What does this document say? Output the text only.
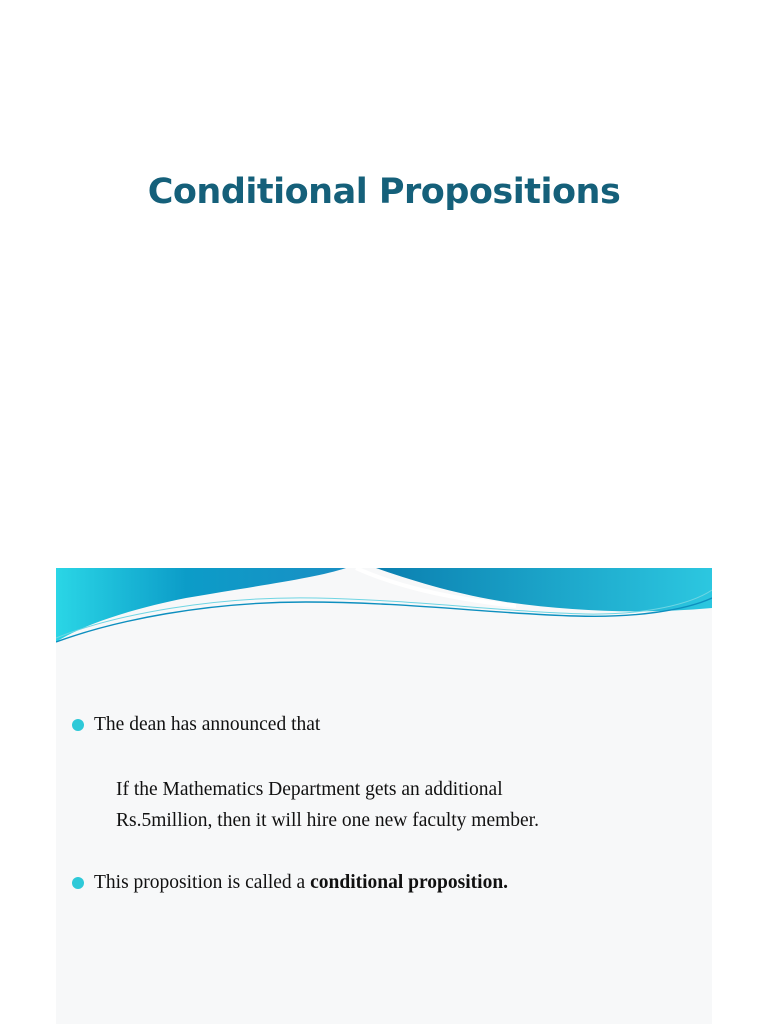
Conditional Propositions
The dean has announced that
If the Mathematics Department gets an additional
Rs.5million, then it will hire one new faculty member.
This proposition is called a conditional proposition.
